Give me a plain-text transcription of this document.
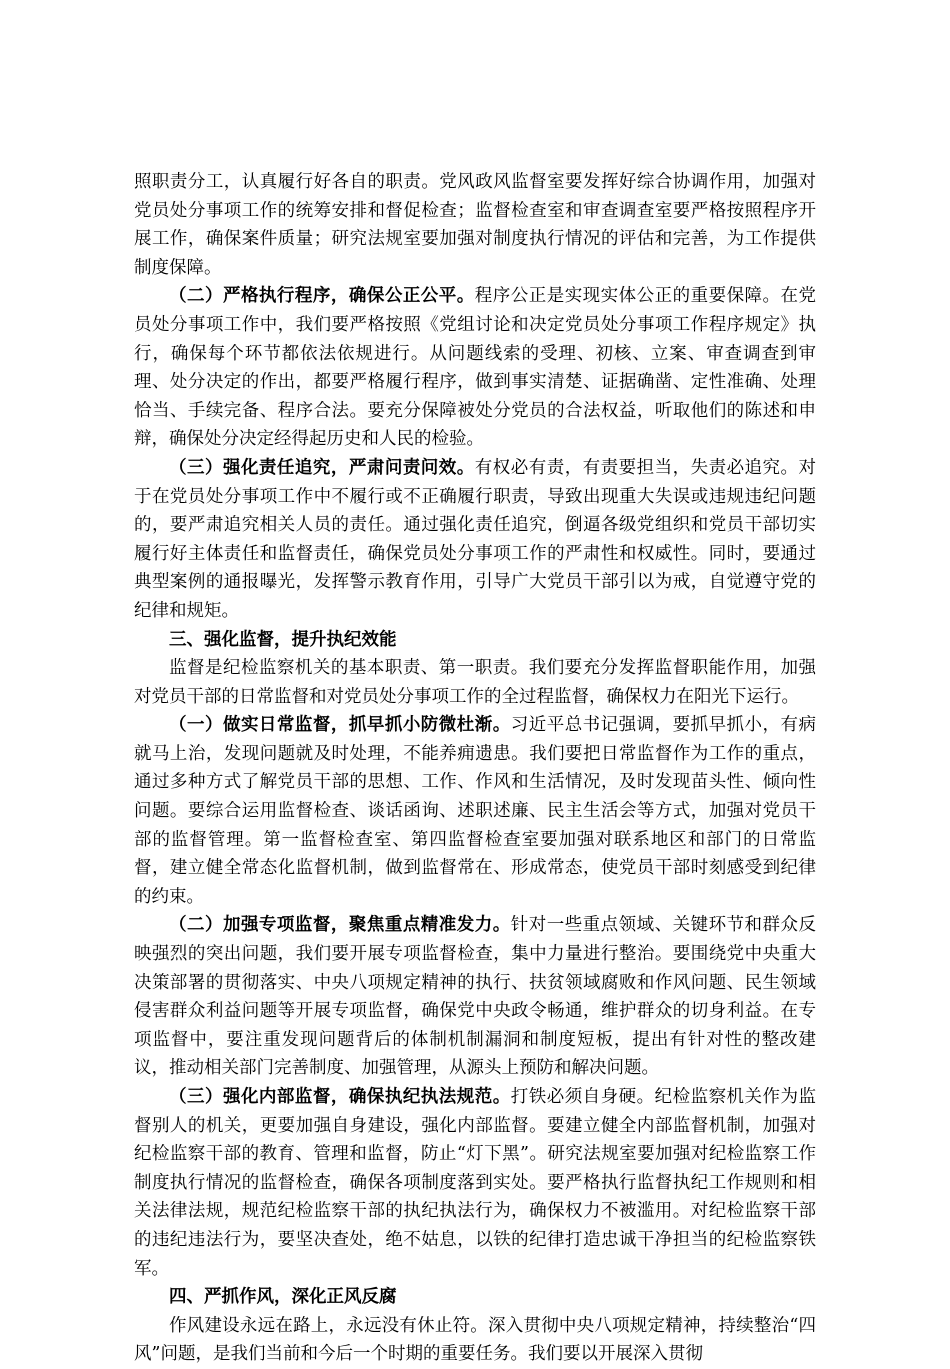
照职责分工，认真履行好各自的职责。党风政风监督室要发挥好综合协调作用，加强对党员处分事项工作的统筹安排和督促检查；监督检查室和审查调查室要严格按照程序开展工作，确保案件质量；研究法规室要加强对制度执行情况的评估和完善，为工作提供制度保障。

（二）严格执行程序，确保公正公平。程序公正是实现实体公正的重要保障。在党员处分事项工作中，我们要严格按照《党组讨论和决定党员处分事项工作程序规定》执行，确保每个环节都依法依规进行。从问题线索的受理、初核、立案、审查调查到审理、处分决定的作出，都要严格履行程序，做到事实清楚、证据确凿、定性准确、处理恰当、手续完备、程序合法。要充分保障被处分党员的合法权益，听取他们的陈述和申辩，确保处分决定经得起历史和人民的检验。

（三）强化责任追究，严肃问责问效。有权必有责，有责要担当，失责必追究。对于在党员处分事项工作中不履行或不正确履行职责，导致出现重大失误或违规违纪问题的，要严肃追究相关人员的责任。通过强化责任追究，倒逼各级党组织和党员干部切实履行好主体责任和监督责任，确保党员处分事项工作的严肃性和权威性。同时，要通过典型案例的通报曝光，发挥警示教育作用，引导广大党员干部引以为戒，自觉遵守党的纪律和规矩。

三、强化监督，提升执纪效能

监督是纪检监察机关的基本职责、第一职责。我们要充分发挥监督职能作用，加强对党员干部的日常监督和对党员处分事项工作的全过程监督，确保权力在阳光下运行。

（一）做实日常监督，抓早抓小防微杜渐。习近平总书记强调，要抓早抓小，有病就马上治，发现问题就及时处理，不能养痈遗患。我们要把日常监督作为工作的重点，通过多种方式了解党员干部的思想、工作、作风和生活情况，及时发现苗头性、倾向性问题。要综合运用监督检查、谈话函询、述职述廉、民主生活会等方式，加强对党员干部的监督管理。第一监督检查室、第四监督检查室要加强对联系地区和部门的日常监督，建立健全常态化监督机制，做到监督常在、形成常态，使党员干部时刻感受到纪律的约束。

（二）加强专项监督，聚焦重点精准发力。针对一些重点领域、关键环节和群众反映强烈的突出问题，我们要开展专项监督检查，集中力量进行整治。要围绕党中央重大决策部署的贯彻落实、中央八项规定精神的执行、扶贫领域腐败和作风问题、民生领域侵害群众利益问题等开展专项监督，确保党中央政令畅通，维护群众的切身利益。在专项监督中，要注重发现问题背后的体制机制漏洞和制度短板，提出有针对性的整改建议，推动相关部门完善制度、加强管理，从源头上预防和解决问题。

（三）强化内部监督，确保执纪执法规范。打铁必须自身硬。纪检监察机关作为监督别人的机关，更要加强自身建设，强化内部监督。要建立健全内部监督机制，加强对纪检监察干部的教育、管理和监督，防止“灯下黑”。研究法规室要加强对纪检监察工作制度执行情况的监督检查，确保各项制度落到实处。要严格执行监督执纪工作规则和相关法律法规，规范纪检监察干部的执纪执法行为，确保权力不被滥用。对纪检监察干部的违纪违法行为，要坚决查处，绝不姑息，以铁的纪律打造忠诚干净担当的纪检监察铁军。

四、严抓作风，深化正风反腐

作风建设永远在路上，永远没有休止符。深入贯彻中央八项规定精神，持续整治“四风”问题，是我们当前和今后一个时期的重要任务。我们要以开展深入贯彻
